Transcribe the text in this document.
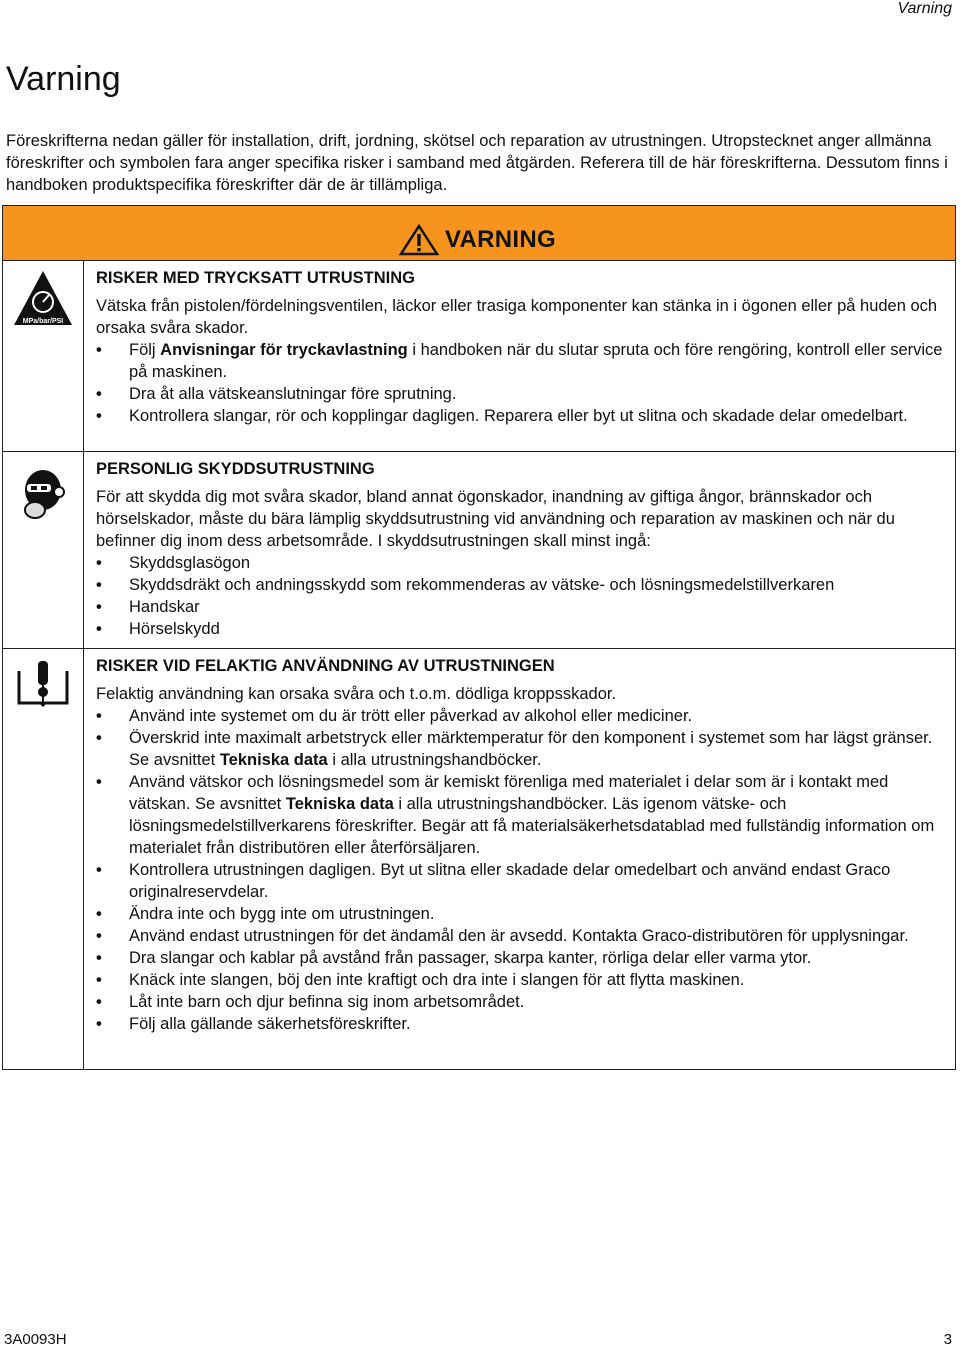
Varning
Varning

Föreskrifterna nedan gäller för installation, drift, jordning, skötsel och reparation av utrustningen. Utropstecknet anger allmänna föreskrifter och symbolen fara anger specifika risker i samband med åtgärden. Referera till de här föreskrifterna. Dessutom finns i handboken produktspecifika föreskrifter där de är tillämpliga.

VARNING
MPa/bar/PSI
RISKER MED TRYCKSATT UTRUSTNING

Vätska från pistolen/fördelningsventilen, läckor eller trasiga komponenter kan stänka in i ögonen eller på huden och orsaka svåra skador.

• Följ Anvisningar för tryckavlastning i handboken när du slutar spruta och före rengöring, kontroll eller service på maskinen.
• Dra åt alla vätskeanslutningar före sprutning.
• Kontrollera slangar, rör och kopplingar dagligen. Reparera eller byt ut slitna och skadade delar omedelbart.
PERSONLIG SKYDDSUTRUSTNING

För att skydda dig mot svåra skador, bland annat ögonskador, inandning av giftiga ångor, brännskador och hörselskador, måste du bära lämplig skyddsutrustning vid användning och reparation av maskinen och när du befinner dig inom dess arbetsområde. I skyddsutrustningen skall minst ingå:

• Skyddsglasögon
• Skyddsdräkt och andningsskydd som rekommenderas av vätske- och lösningsmedelstillverkaren
• Handskar
• Hörselskydd
RISKER VID FELAKTIG ANVÄNDNING AV UTRUSTNINGEN

Felaktig användning kan orsaka svåra och t.o.m. dödliga kroppsskador.

• Använd inte systemet om du är trött eller påverkad av alkohol eller mediciner.
• Överskrid inte maximalt arbetstryck eller märktemperatur för den komponent i systemet som har lägst gränser. Se avsnittet Tekniska data i alla utrustningshandböcker.
• Använd vätskor och lösningsmedel som är kemiskt förenliga med materialet i delar som är i kontakt med vätskan. Se avsnittet Tekniska data i alla utrustningshandböcker. Läs igenom vätske- och lösningsmedelstillverkarens föreskrifter. Begär att få materialsäkerhetsdatablad med fullständig information om materialet från distributören eller återförsäljaren.
• Kontrollera utrustningen dagligen. Byt ut slitna eller skadade delar omedelbart och använd endast Graco originalreservdelar.
• Ändra inte och bygg inte om utrustningen.
• Använd endast utrustningen för det ändamål den är avsedd. Kontakta Graco-distributören för upplysningar.
• Dra slangar och kablar på avstånd från passager, skarpa kanter, rörliga delar eller varma ytor.
• Knäck inte slangen, böj den inte kraftigt och dra inte i slangen för att flytta maskinen.
• Låt inte barn och djur befinna sig inom arbetsområdet.
• Följ alla gällande säkerhetsföreskrifter.
3A0093H	3
